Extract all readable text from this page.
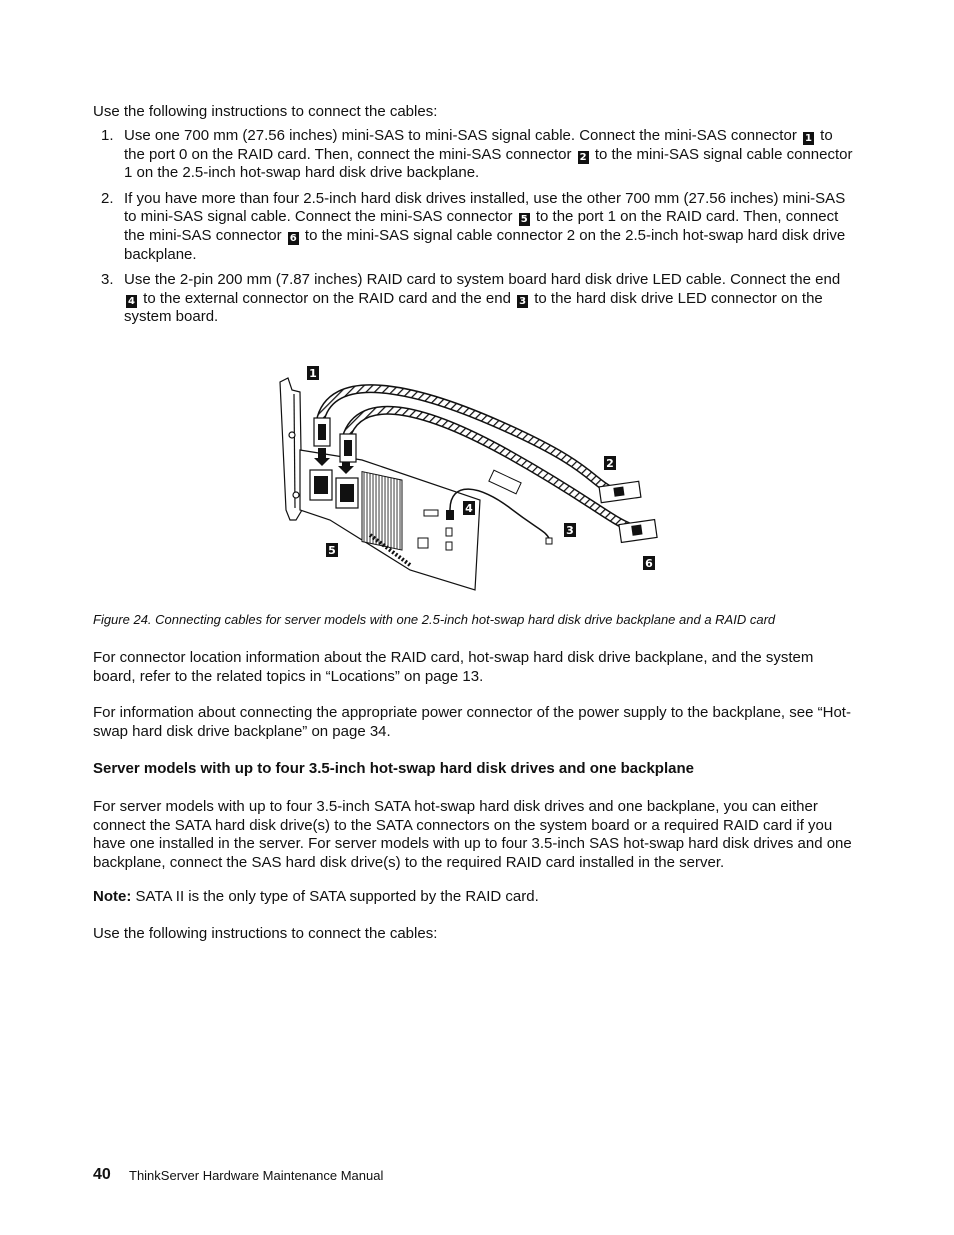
Use the following instructions to connect the cables:

1. Use one 700 mm (27.56 inches) mini-SAS to mini-SAS signal cable. Connect the mini-SAS connector 1 to the port 0 on the RAID card. Then, connect the mini-SAS connector 2 to the mini-SAS signal cable connector 1 on the 2.5-inch hot-swap hard disk drive backplane.
2. If you have more than four 2.5-inch hard disk drives installed, use the other 700 mm (27.56 inches) mini-SAS to mini-SAS signal cable. Connect the mini-SAS connector 5 to the port 1 on the RAID card. Then, connect the mini-SAS connector 6 to the mini-SAS signal cable connector 2 on the 2.5-inch hot-swap hard disk drive backplane.
3. Use the 2-pin 200 mm (7.87 inches) RAID card to system board hard disk drive LED cable. Connect the end 4 to the external connector on the RAID card and the end 3 to the hard disk drive LED connector on the system board.
1
2
3
4
5
6

Figure 24. Connecting cables for server models with one 2.5-inch hot-swap hard disk drive backplane and a RAID card

For connector location information about the RAID card, hot-swap hard disk drive backplane, and the system board, refer to the related topics in “Locations” on page 13.

For information about connecting the appropriate power connector of the power supply to the backplane, see “Hot-swap hard disk drive backplane” on page 34.

Server models with up to four 3.5-inch hot-swap hard disk drives and one backplane

For server models with up to four 3.5-inch SATA hot-swap hard disk drives and one backplane, you can either connect the SATA hard disk drive(s) to the SATA connectors on the system board or a required RAID card if you have one installed in the server. For server models with up to four 3.5-inch SAS hot-swap hard disk drives and one backplane, connect the SAS hard disk drive(s) to the required RAID card installed in the server.

Note: SATA II is the only type of SATA supported by the RAID card.

Use the following instructions to connect the cables:

40 ThinkServer Hardware Maintenance Manual
